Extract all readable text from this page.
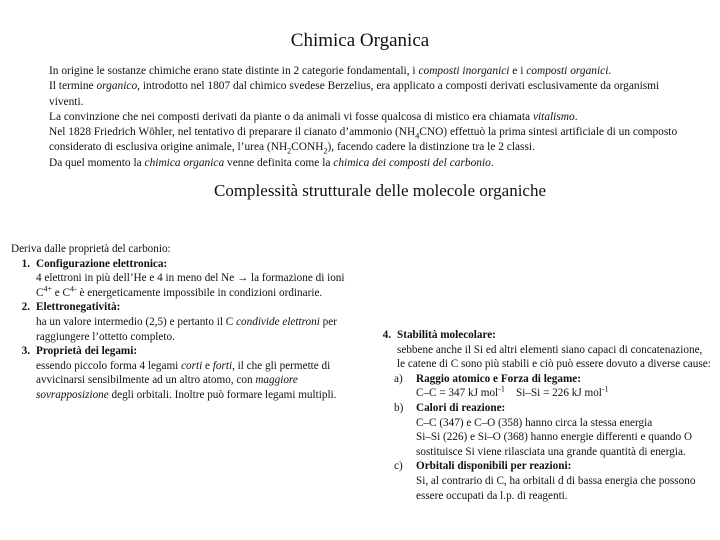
Chimica Organica

In origine le sostanze chimiche erano state distinte in 2 categorie fondamentali, i composti inorganici e i composti organici.

Il termine organico, introdotto nel 1807 dal chimico svedese Berzelius, era applicato a composti derivati esclusivamente da organismi viventi.

La convinzione che nei composti derivati da piante o da animali vi fosse qualcosa di mistico era chiamata vitalismo.

Nel 1828 Friedrich Wöhler, nel tentativo di preparare il cianato d’ammonio $(NH_4CNO)$ effettuò la prima sintesi artificiale di un composto considerato di esclusiva origine animale, l’urea $(NH_2CONH_2)$, facendo cadere la distinzione tra le 2 classi.

Da quel momento la chimica organica venne definita come la chimica dei composti del carbonio.

Complessità strutturale delle molecole organiche
Deriva dalle proprietà del carbonio:
1. Configurazione elettronica:
4 elettroni in più dell’He e 4 in meno del Ne → la formazione di ioni
$C^{4+}$ e $C^{4-}$ è energeticamente impossibile in condizioni ordinarie.
2. Elettronegatività:
ha un valore intermedio (2,5) e pertanto il C condivide elettroni per raggiungere l’ottetto completo.
3. Proprietà dei legami:
essendo piccolo forma 4 legami corti e forti, il che gli permette di avvicinarsi sensibilmente ad un altro atomo, con maggiore sovrapposizione degli orbitali. Inoltre può formare legami multipli.
4. Stabilità molecolare:
sebbene anche il Si ed altri elementi siano capaci di concatenazione, le catene di C sono più stabili e ciò può essere dovuto a diverse cause:
a)	Raggio atomico e Forza di legame:
C–C = 347 kJ mol$^{-1}$    Si–Si = 226 kJ mol$^{-1}$
b)	Calori di reazione:
C–C (347) e C–O (358) hanno circa la stessa energia
Si–Si (226) e Si–O (368) hanno energie differenti e quando O sostituisce Si viene rilasciata una grande quantità di energia.
c)	Orbitali disponibili per reazioni:
Si, al contrario di C, ha orbitali d di bassa energia che possono essere occupati da l.p. di reagenti.
